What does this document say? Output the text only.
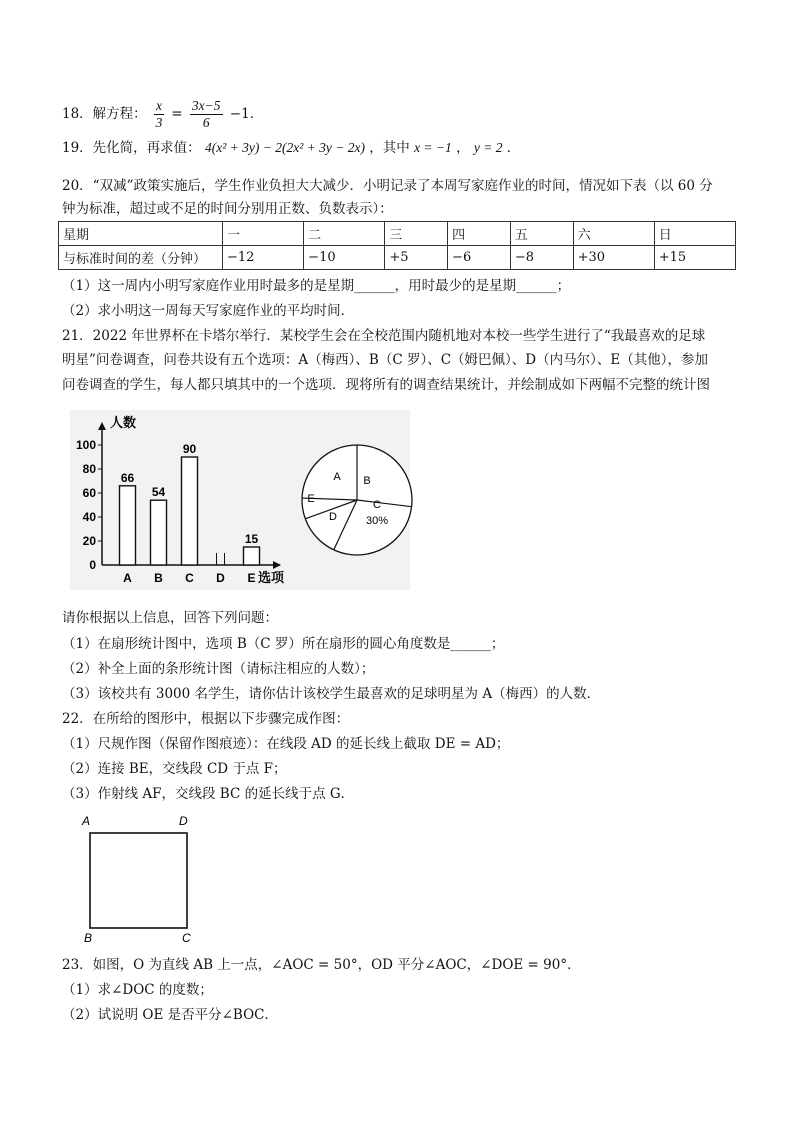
18．解方程： $\frac{x}{3} = \frac{3x-5}{6} -1$．
19．先化简，再求值： 4(x² + 3y) − 2(2x² + 3y − 2x) ，其中 x = −1 ， y = 2 ．
20．“双减”政策实施后，学生作业负担大大减少．小明记录了本周写家庭作业的时间，情况如下表（以 60 分
钟为标准，超过或不足的时间分别用正数、负数表示）：
星期	一	二	三	四	五	六	日
与标准时间的差（分钟）	−12	−10	+5	−6	−8	+30	+15
（1）这一周内小明写家庭作业用时最多的是星期______，用时最少的是星期______；
（2）求小明这一周每天写家庭作业的平均时间．
21．2022 年世界杯在卡塔尔举行．某校学生会在全校范围内随机地对本校一些学生进行了“我最喜欢的足球
明星”问卷调查，问卷共设有五个选项：A（梅西）、B（C 罗）、C（姆巴佩）、D（内马尔）、E（其他），参加
问卷调查的学生，每人都只填其中的一个选项．现将所有的调查结果统计，并绘制成如下两幅不完整的统计图
0
20
40
60
80
100
A
66
B
54
C
90
D E
15
人数
选项
A B
C
D
E
30%
请你根据以上信息，回答下列问题：
（1）在扇形统计图中，选项 B（C 罗）所在扇形的圆心角度数是______；
（2）补全上面的条形统计图（请标注相应的人数）；
（3）该校共有 3000 名学生，请你估计该校学生最喜欢的足球明星为 A（梅西）的人数．
22．在所给的图形中，根据以下步骤完成作图：
（1）尺规作图（保留作图痕迹）：在线段 AD 的延长线上截取 DE = AD；
（2）连接 BE，交线段 CD 于点 F；
（3）作射线 AF，交线段 BC 的延长线于点 G．
A	D
B	C
23．如图，O 为直线 AB 上一点，∠AOC = 50°，OD 平分∠AOC，∠DOE = 90°．
（1）求∠DOC 的度数；
（2）试说明 OE 是否平分∠BOC．
